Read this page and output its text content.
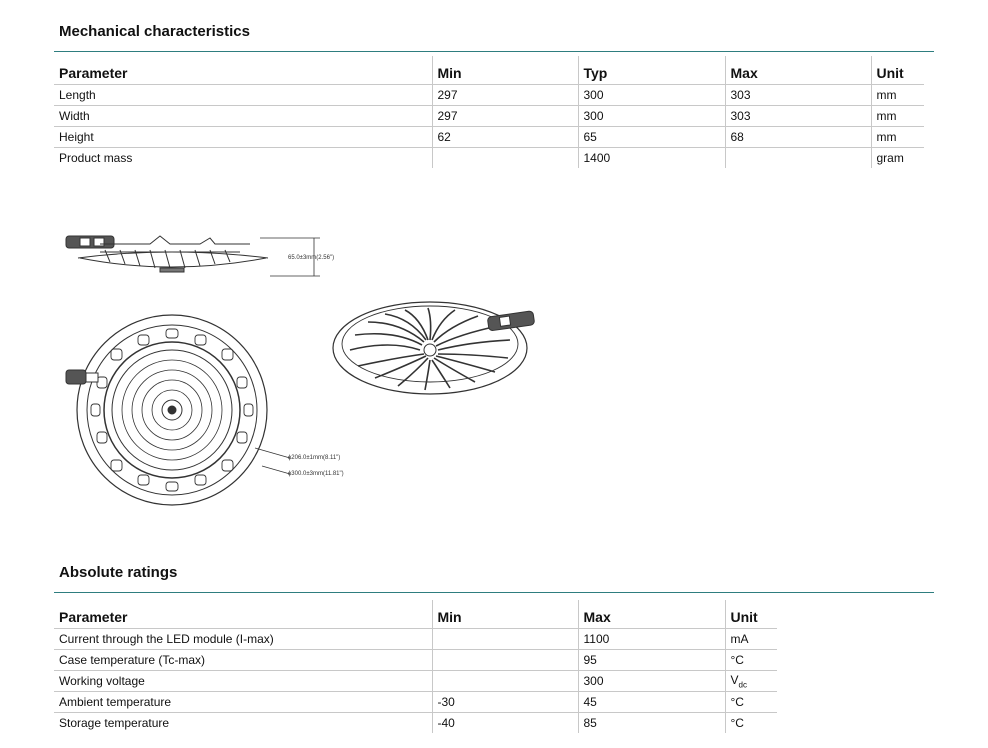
Mechanical characteristics
Parameter	Min	Typ	Max	Unit
Length	297	300	303	mm
Width	297	300	303	mm
Height	62	65	68	mm
Product mass		1400		gram
65.0±3mm(2.56")
ɸ206.0±1mm(8.11")
ɸ300.0±3mm(11.81")
Absolute ratings
Parameter	Min	Max	Unit
Current through the LED module (I-max)		1100	mA
Case temperature (Tc-max)		95	°C
Working voltage		300	$V_{dc}$
Ambient temperature	-30	45	°C
Storage temperature	-40	85	°C
